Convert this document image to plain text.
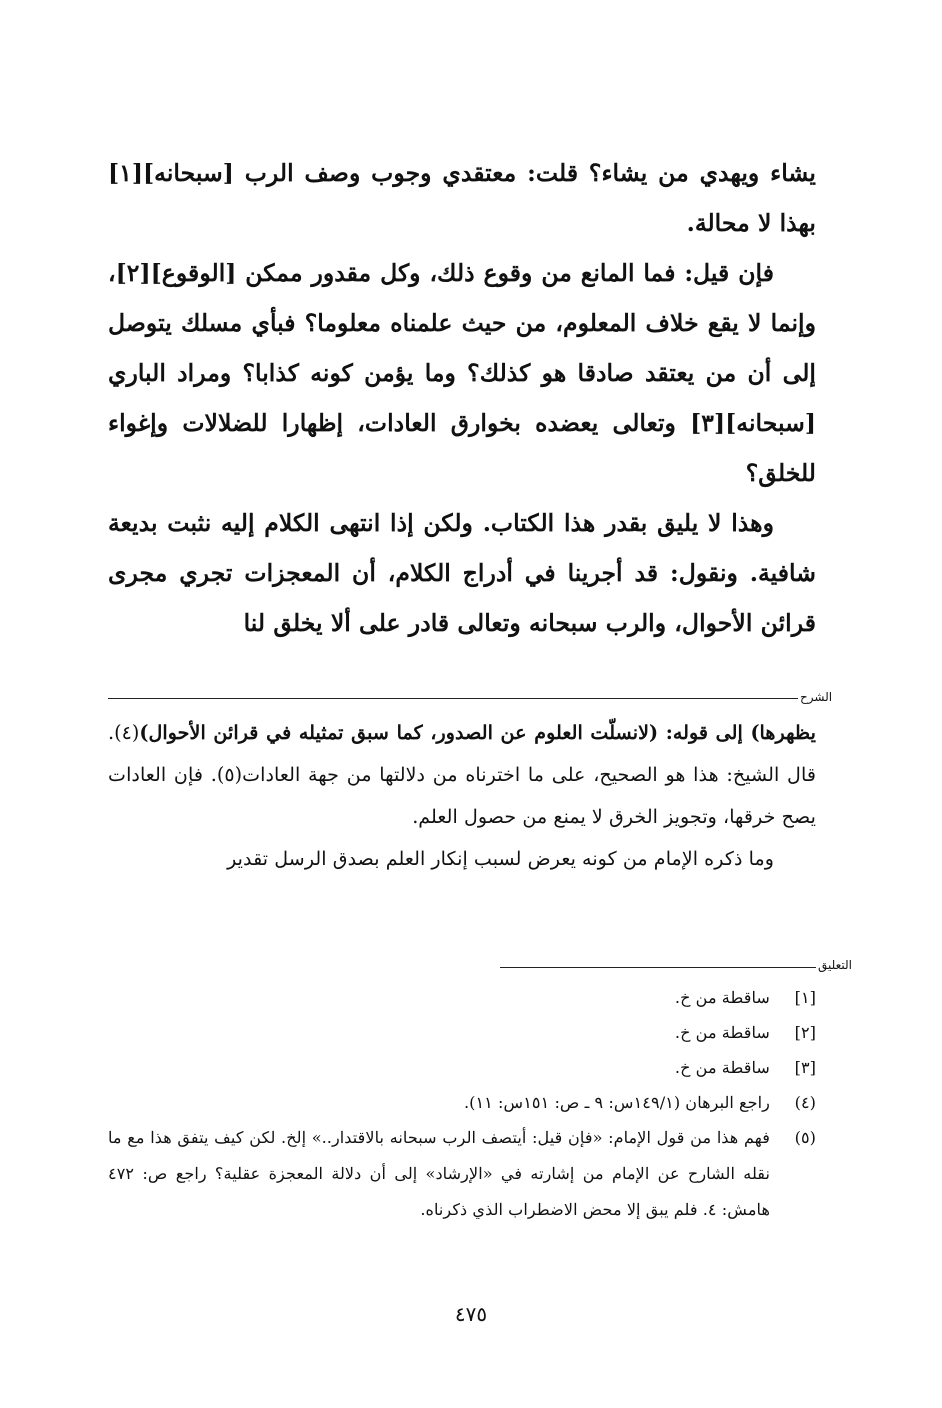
يشاء ويهدي من يشاء؟ قلت: معتقدي وجوب وصف الرب [سبحانه][١] بهذا لا محالة.

فإن قيل: فما المانع من وقوع ذلك، وكل مقدور ممكن [الوقوع][٢]، وإنما لا يقع خلاف المعلوم، من حيث علمناه معلوما؟ فبأي مسلك يتوصل إلى أن من يعتقد صادقا هو كذلك؟ وما يؤمن كونه كذابا؟ ومراد الباري [سبحانه][٣] وتعالى يعضده بخوارق العادات، إظهارا للضلالات وإغواء للخلق؟

وهذا لا يليق بقدر هذا الكتاب. ولكن إذا انتهى الكلام إليه نثبت بديعة شافية. ونقول: قد أجرينا في أدراج الكلام، أن المعجزات تجري مجرى قرائن الأحوال، والرب سبحانه وتعالى قادر على ألا يخلق لنا

الشرح

يظهرها) إلى قوله: (لانسلّت العلوم عن الصدور، كما سبق تمثيله في قرائن الأحوال)(٤). قال الشيخ: هذا هو الصحيح، على ما اخترناه من دلالتها من جهة العادات(٥). فإن العادات يصح خرقها، وتجويز الخرق لا يمنع من حصول العلم.

وما ذكره الإمام من كونه يعرض لسبب إنكار العلم بصدق الرسل تقدير

التعليق
[١]
ساقطة من خ.
[٢]
ساقطة من خ.
[٣]
ساقطة من خ.
(٤)
راجع البرهان (١٤٩/١س: ٩ ـ ص: ١٥١س: ١١).
(٥)
فهم هذا من قول الإمام: «فإن قيل: أيتصف الرب سبحانه بالاقتدار..» إلخ. لكن كيف يتفق هذا مع ما نقله الشارح عن الإمام من إشارته في «الإرشاد» إلى أن دلالة المعجزة عقلية؟ راجع ص: ٤٧٢ هامش: ٤. فلم يبق إلا محض الاضطراب الذي ذكرناه.
٤٧٥
